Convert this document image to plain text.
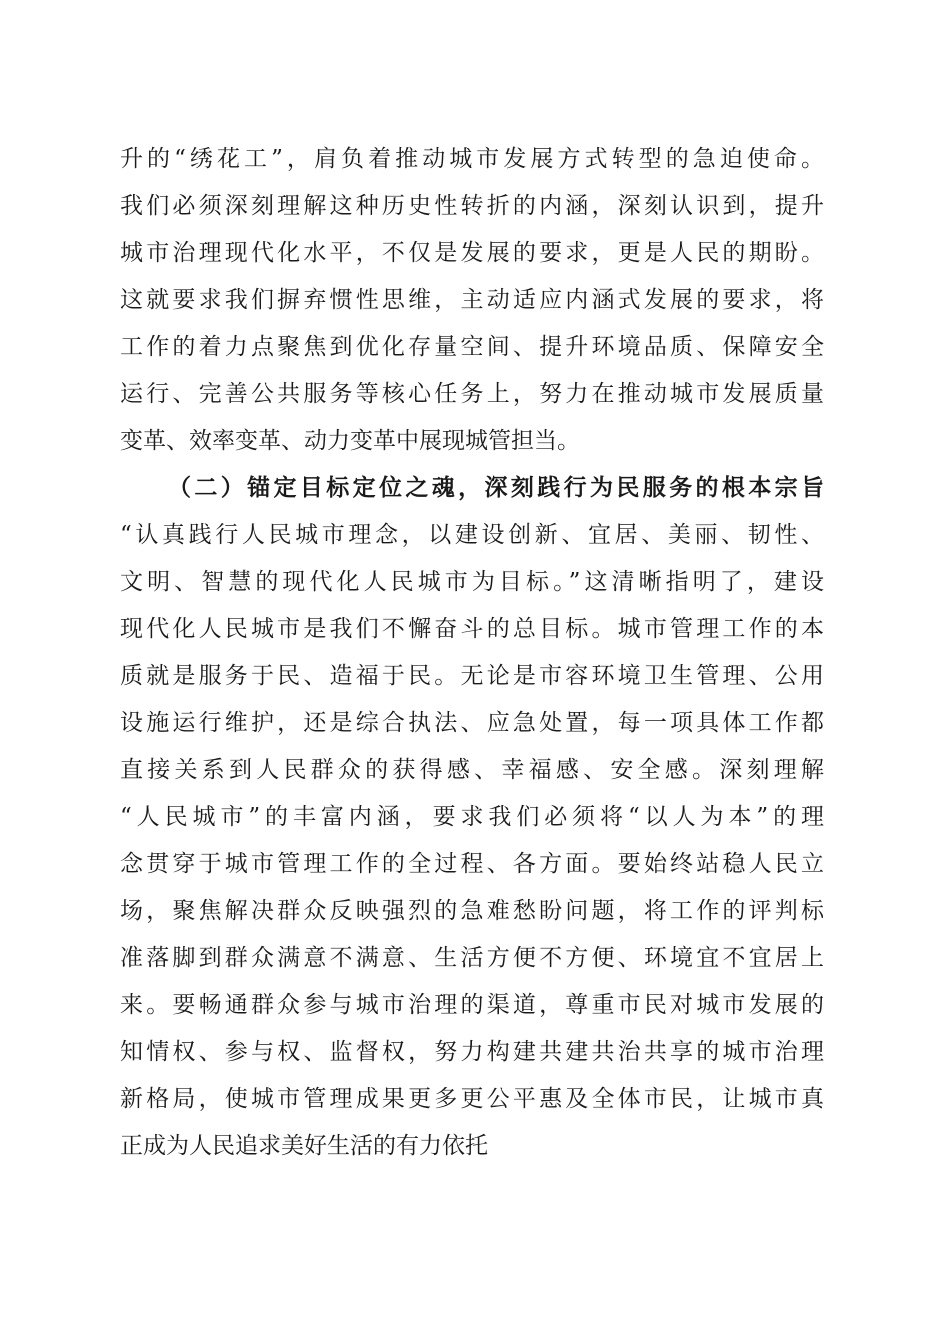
升的“绣花工”，肩负着推动城市发展方式转型的急迫使命。
我们必须深刻理解这种历史性转折的内涵，深刻认识到，提升
城市治理现代化水平，不仅是发展的要求，更是人民的期盼。
这就要求我们摒弃惯性思维，主动适应内涵式发展的要求，将
工作的着力点聚焦到优化存量空间、提升环境品质、保障安全
运行、完善公共服务等核心任务上，努力在推动城市发展质量
变革、效率变革、动力变革中展现城管担当。
（二）锚定目标定位之魂，深刻践行为民服务的根本宗旨
“认真践行人民城市理念，以建设创新、宜居、美丽、韧性、
文明、智慧的现代化人民城市为目标。”这清晰指明了，建设
现代化人民城市是我们不懈奋斗的总目标。城市管理工作的本
质就是服务于民、造福于民。无论是市容环境卫生管理、公用
设施运行维护，还是综合执法、应急处置，每一项具体工作都
直接关系到人民群众的获得感、幸福感、安全感。深刻理解
“人民城市”的丰富内涵，要求我们必须将“以人为本”的理
念贯穿于城市管理工作的全过程、各方面。要始终站稳人民立
场，聚焦解决群众反映强烈的急难愁盼问题，将工作的评判标
准落脚到群众满意不满意、生活方便不方便、环境宜不宜居上
来。要畅通群众参与城市治理的渠道，尊重市民对城市发展的
知情权、参与权、监督权，努力构建共建共治共享的城市治理
新格局，使城市管理成果更多更公平惠及全体市民，让城市真
正成为人民追求美好生活的有力依托
